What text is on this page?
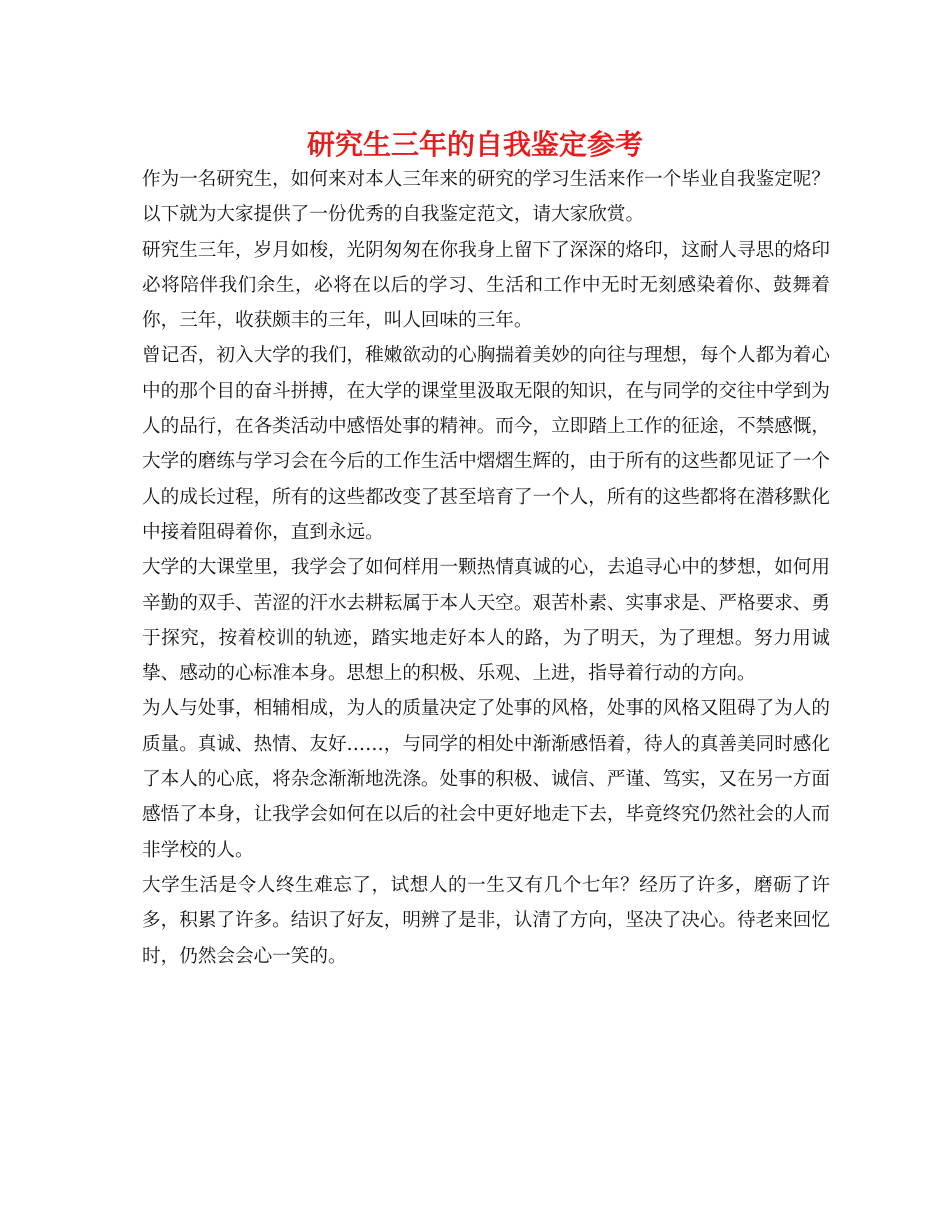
研究生三年的自我鉴定参考

作为一名研究生，如何来对本人三年来的研究的学习生活来作一个毕业自我鉴定呢？以下就为大家提供了一份优秀的自我鉴定范文，请大家欣赏。

研究生三年，岁月如梭，光阴匆匆在你我身上留下了深深的烙印，这耐人寻思的烙印必将陪伴我们余生，必将在以后的学习、生活和工作中无时无刻感染着你、鼓舞着你，三年，收获颇丰的三年，叫人回味的三年。

曾记否，初入大学的我们，稚嫩欲动的心胸揣着美妙的向往与理想，每个人都为着心中的那个目的奋斗拼搏，在大学的课堂里汲取无限的知识，在与同学的交往中学到为人的品行，在各类活动中感悟处事的精神。而今，立即踏上工作的征途，不禁感慨，大学的磨练与学习会在今后的工作生活中熠熠生辉的，由于所有的这些都见证了一个人的成长过程，所有的这些都改变了甚至培育了一个人，所有的这些都将在潜移默化中接着阻碍着你，直到永远。

大学的大课堂里，我学会了如何样用一颗热情真诚的心，去追寻心中的梦想，如何用辛勤的双手、苦涩的汗水去耕耘属于本人天空。艰苦朴素、实事求是、严格要求、勇于探究，按着校训的轨迹，踏实地走好本人的路，为了明天，为了理想。努力用诚挚、感动的心标准本身。思想上的积极、乐观、上进，指导着行动的方向。

为人与处事，相辅相成，为人的质量决定了处事的风格，处事的风格又阻碍了为人的质量。真诚、热情、友好……，与同学的相处中渐渐感悟着，待人的真善美同时感化了本人的心底，将杂念渐渐地洗涤。处事的积极、诚信、严谨、笃实，又在另一方面感悟了本身，让我学会如何在以后的社会中更好地走下去，毕竟终究仍然社会的人而非学校的人。

大学生活是令人终生难忘了，试想人的一生又有几个七年？经历了许多，磨砺了许多，积累了许多。结识了好友，明辨了是非，认清了方向，坚决了决心。待老来回忆时，仍然会会心一笑的。
